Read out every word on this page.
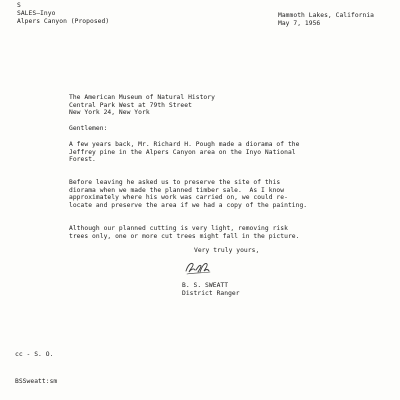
S

SALES—Inyo

Alpers Canyon (Proposed)

Mammoth Lakes, California

May 7, 1956

The American Museum of Natural History

Central Park West at 79th Street

New York 24, New York

Gentlemen:

A few years back, Mr. Richard H. Pough made a diorama of the

Jeffrey pine in the Alpers Canyon area on the Inyo National

Forest.

Before leaving he asked us to preserve the site of this

diorama when we made the planned timber sale.  As I know

approximately where his work was carried on, we could re-

locate and preserve the area if we had a copy of the painting.

Although our planned cutting is very light, removing risk

trees only, one or more cut trees might fall in the picture.

Very truly yours,

B. S. SWEATT

District Ranger

cc - S. O.

BSSweatt:sm
